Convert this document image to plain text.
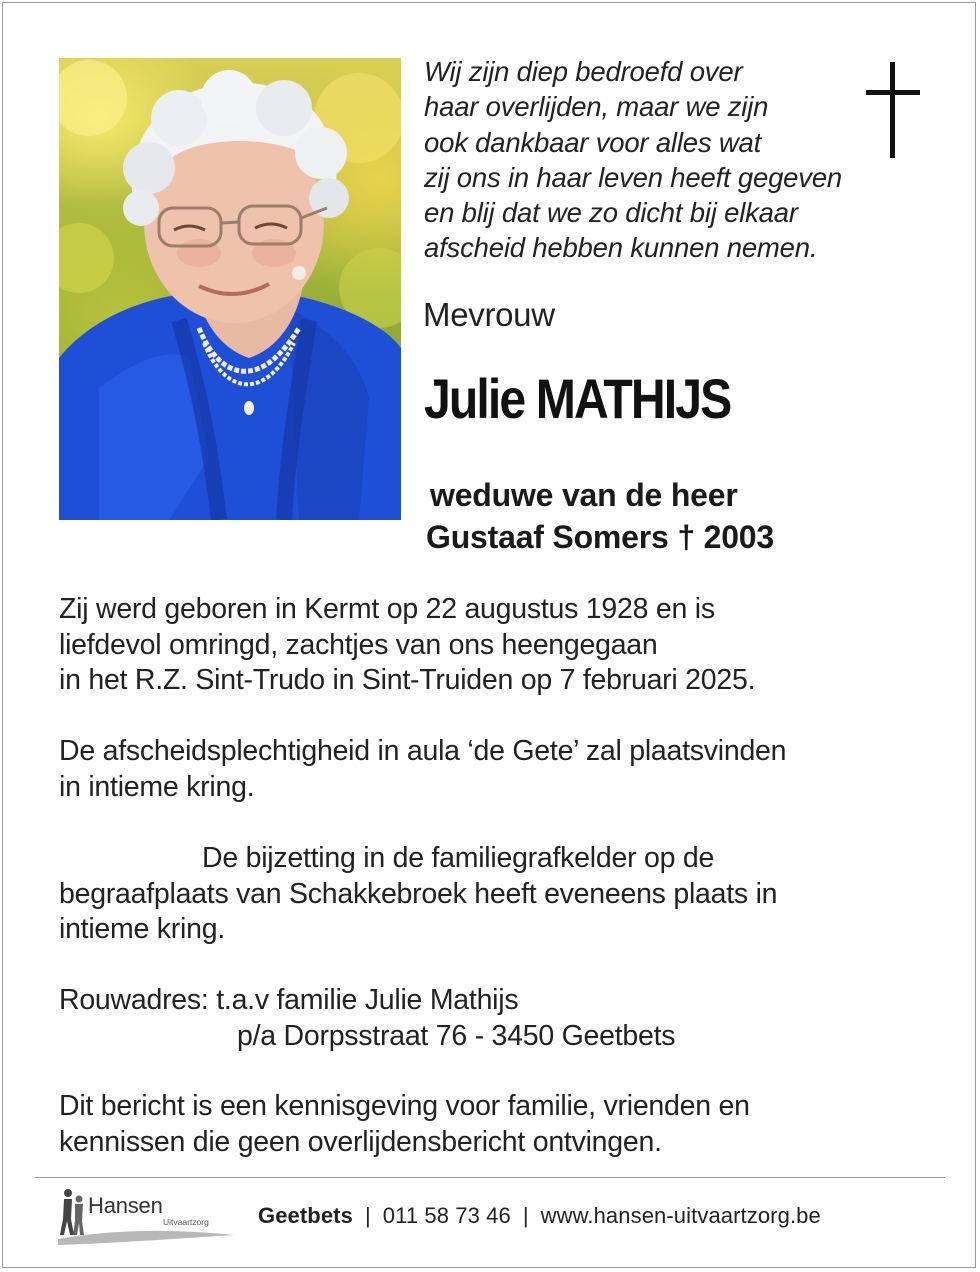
Wij zijn diep bedroefd over
haar overlijden, maar we zijn
ook dankbaar voor alles wat
zij ons in haar leven heeft gegeven
en blij dat we zo dicht bij elkaar
afscheid hebben kunnen nemen.
Mevrouw
Julie MATHIJS
weduwe van de heer
Gustaaf Somers † 2003
Zij werd geboren in Kermt op 22 augustus 1928 en is
liefdevol omringd, zachtjes van ons heengegaan
in het R.Z. Sint-Trudo in Sint-Truiden op 7 februari 2025.
De afscheidsplechtigheid in aula ‘de Gete’ zal plaatsvinden
in intieme kring.
De bijzetting in de familiegrafkelder op de
begraafplaats van Schakkebroek heeft eveneens plaats in
intieme kring.
Rouwadres: t.a.v familie Julie Mathijs
p/a Dorpsstraat 76 - 3450 Geetbets
Dit bericht is een kennisgeving voor familie, vrienden en
kennissen die geen overlijdensbericht ontvingen.
Hansen
Uitvaartzorg Geetbets | 011 58 73 46 | www.hansen-uitvaartzorg.be
